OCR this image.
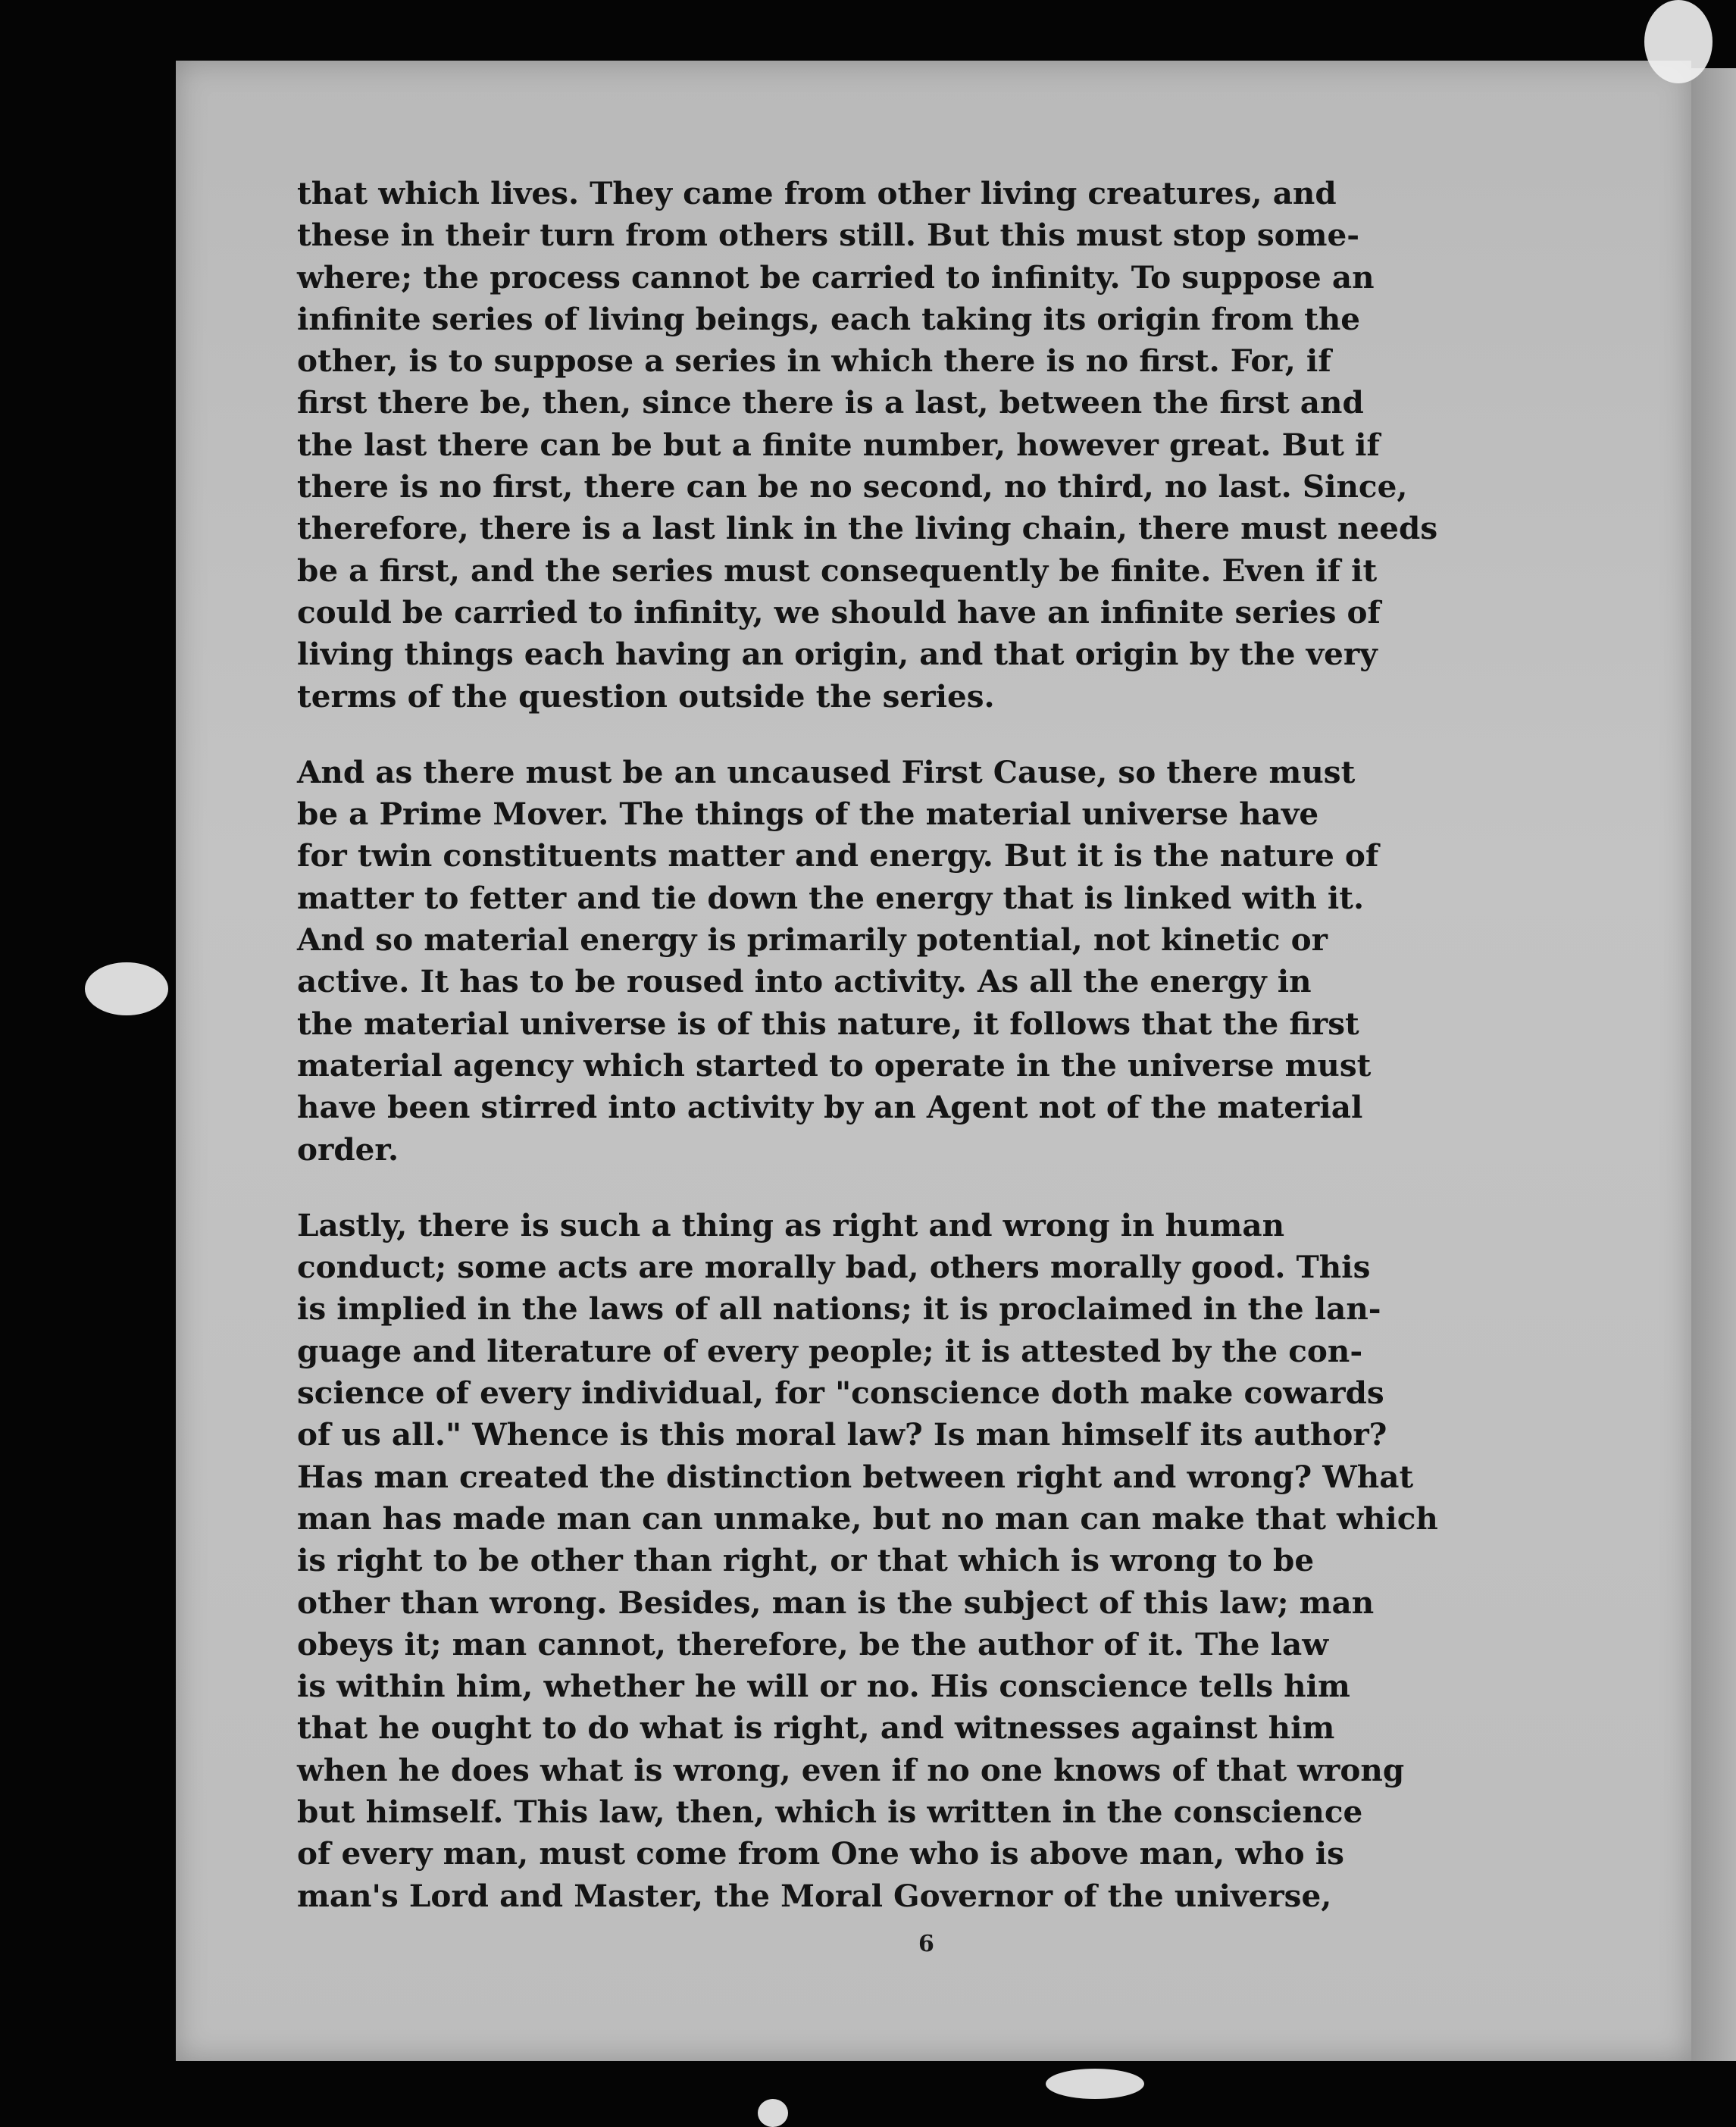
that which lives. They came from other living creatures, and
these in their turn from others still. But this must stop some-
where; the process cannot be carried to infinity. To suppose an
infinite series of living beings, each taking its origin from the
other, is to suppose a series in which there is no first. For, if
first there be, then, since there is a last, between the first and
the last there can be but a finite number, however great. But if
there is no first, there can be no second, no third, no last. Since,
therefore, there is a last link in the living chain, there must needs
be a first, and the series must consequently be finite. Even if it
could be carried to infinity, we should have an infinite series of
living things each having an origin, and that origin by the very
terms of the question outside the series.

And as there must be an uncaused First Cause, so there must
be a Prime Mover. The things of the material universe have
for twin constituents matter and energy. But it is the nature of
matter to fetter and tie down the energy that is linked with it.
And so material energy is primarily potential, not kinetic or
active. It has to be roused into activity. As all the energy in
the material universe is of this nature, it follows that the first
material agency which started to operate in the universe must
have been stirred into activity by an Agent not of the material
order.

Lastly, there is such a thing as right and wrong in human
conduct; some acts are morally bad, others morally good. This
is implied in the laws of all nations; it is proclaimed in the lan-
guage and literature of every people; it is attested by the con-
science of every individual, for "conscience doth make cowards
of us all." Whence is this moral law? Is man himself its author?
Has man created the distinction between right and wrong? What
man has made man can unmake, but no man can make that which
is right to be other than right, or that which is wrong to be
other than wrong. Besides, man is the subject of this law; man
obeys it; man cannot, therefore, be the author of it. The law
is within him, whether he will or no. His conscience tells him
that he ought to do what is right, and witnesses against him
when he does what is wrong, even if no one knows of that wrong
but himself. This law, then, which is written in the conscience
of every man, must come from One who is above man, who is
man's Lord and Master, the Moral Governor of the universe,

6
